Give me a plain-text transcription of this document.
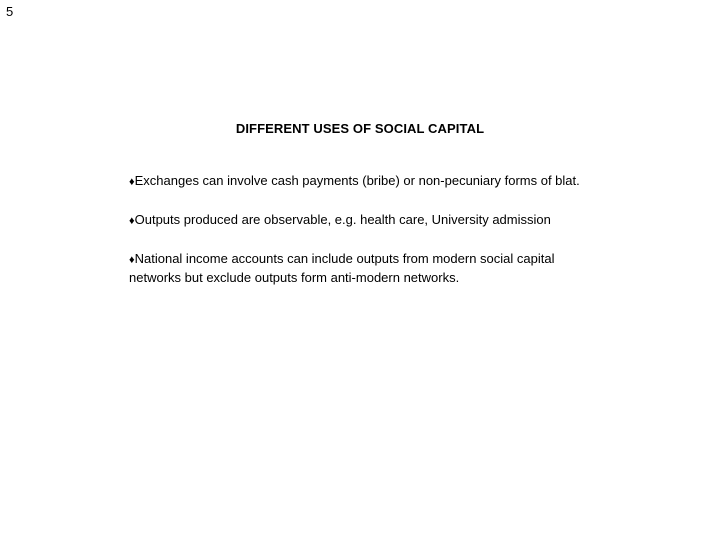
5
DIFFERENT USES OF SOCIAL CAPITAL
♦Exchanges can involve cash payments (bribe) or non-pecuniary forms of blat.
♦Outputs produced are observable, e.g. health care, University admission
♦National income accounts can include outputs from modern social capital networks but exclude outputs form anti-modern networks.
